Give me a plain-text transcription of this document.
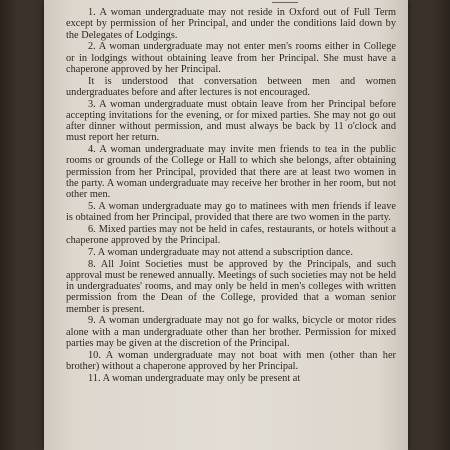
1. A woman undergraduate may not reside in Oxford out of Full Term except by permission of her Principal, and under the conditions laid down by the Delegates of Lodgings.

2. A woman undergraduate may not enter men's rooms either in College or in lodgings without obtaining leave from her Principal. She must have a chaperone approved by her Principal.

It is understood that conversation between men and women undergraduates before and after lectures is not encouraged.

3. A woman undergraduate must obtain leave from her Principal before accepting invitations for the evening, or for mixed parties. She may not go out after dinner without permission, and must always be back by 11 o'clock and must report her return.

4. A woman undergraduate may invite men friends to tea in the public rooms or grounds of the College or Hall to which she belongs, after obtaining permission from her Principal, provided that there are at least two women in the party. A woman undergraduate may receive her brother in her room, but not other men.

5. A woman undergraduate may go to matinees with men friends if leave is obtained from her Principal, provided that there are two women in the party.

6. Mixed parties may not be held in cafes, restaurants, or hotels without a chaperone approved by the Principal.

7. A woman undergraduate may not attend a subscription dance.

8. All Joint Societies must be approved by the Principals, and such approval must be renewed annually. Meetings of such societies may not be held in undergraduates' rooms, and may only be held in men's colleges with written permission from the Dean of the College, provided that a woman senior member is present.

9. A woman undergraduate may not go for walks, bicycle or motor rides alone with a man undergraduate other than her brother. Permission for mixed parties may be given at the discretion of the Principal.

10. A woman undergraduate may not boat with men (other than her brother) without a chaperone approved by her Principal.

11. A woman undergraduate may only be present at
